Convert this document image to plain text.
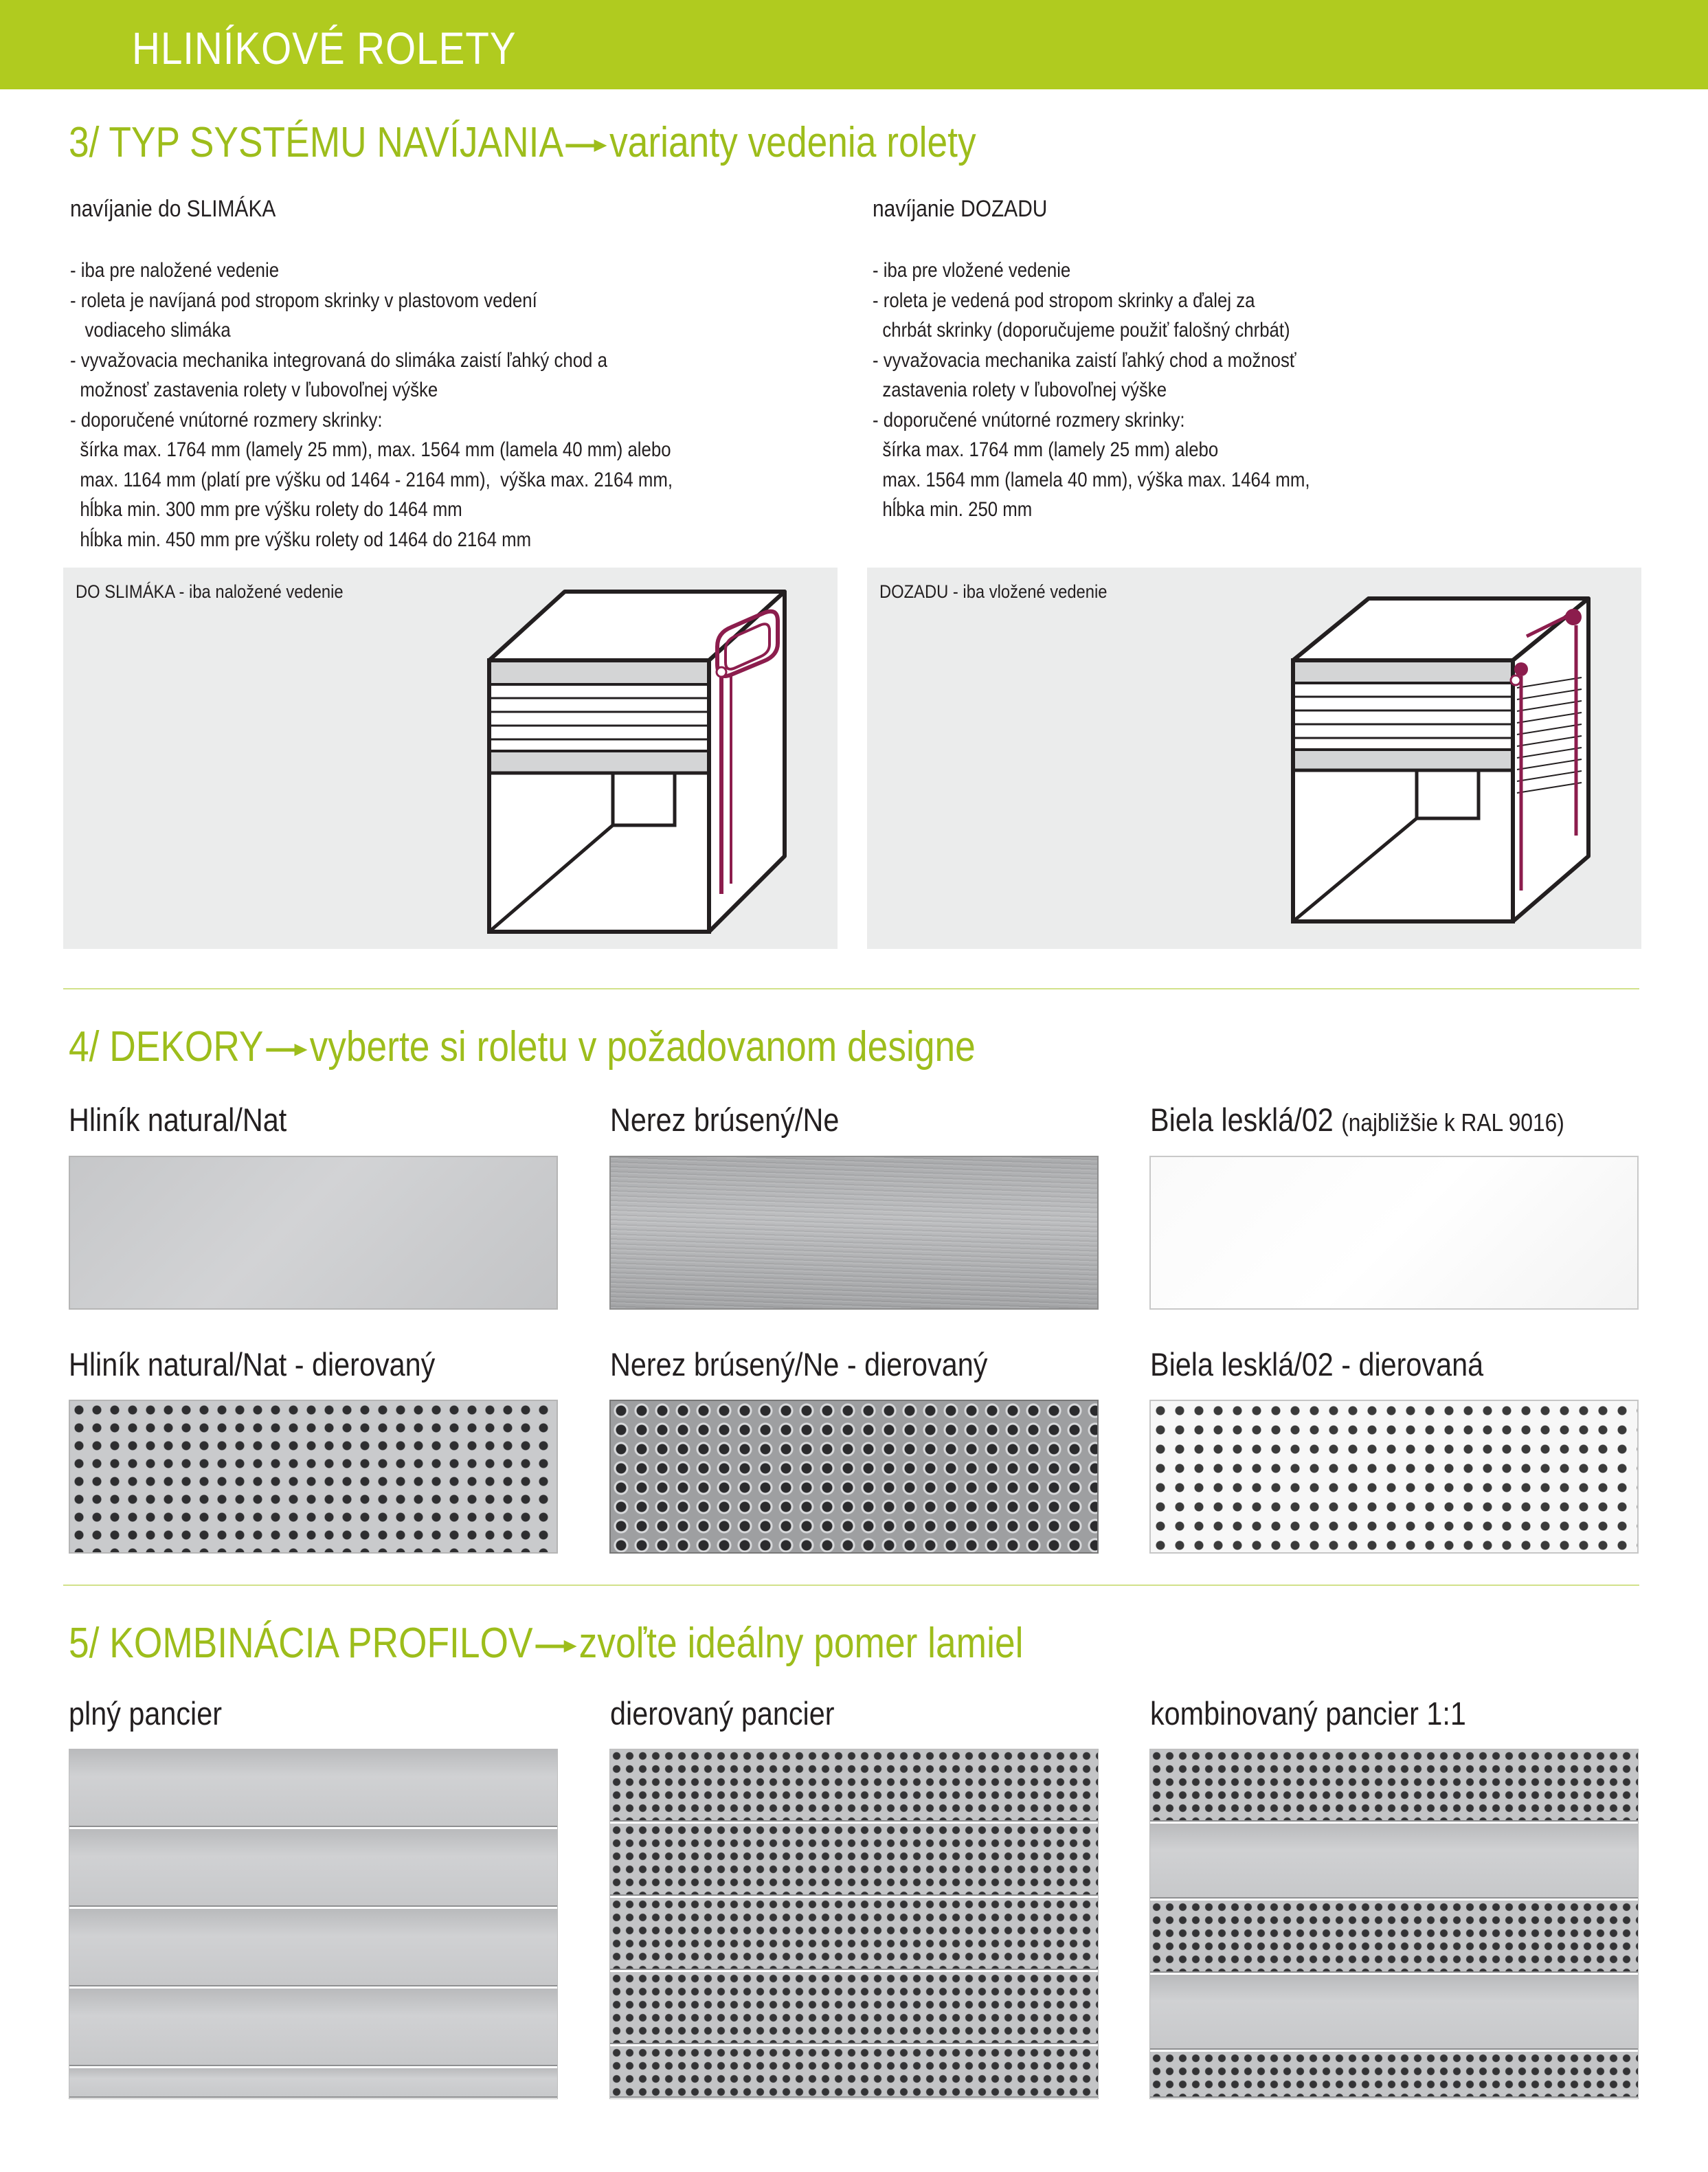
HLINÍKOVÉ ROLETY
3/ TYP SYSTÉMU NAVÍJANIA varianty vedenia rolety
navíjanie do SLIMÁKA
- iba pre naložené vedenie
- roleta je navíjaná pod stropom skrinky v plastovom vedení
vodiaceho slimáka
- vyvažovacia mechanika integrovaná do slimáka zaistí ľahký chod a
možnosť zastavenia rolety v ľubovoľnej výške
- doporučené vnútorné rozmery skrinky:
šírka max. 1764 mm (lamely 25 mm), max. 1564 mm (lamela 40 mm) alebo
max. 1164 mm (platí pre výšku od 1464 - 2164 mm),  výška max. 2164 mm,
hĺbka min. 300 mm pre výšku rolety do 1464 mm
hĺbka min. 450 mm pre výšku rolety od 1464 do 2164 mm
navíjanie DOZADU
- iba pre vložené vedenie
- roleta je vedená pod stropom skrinky a ďalej za
chrbát skrinky (doporučujeme použiť falošný chrbát)
- vyvažovacia mechanika zaistí ľahký chod a možnosť
zastavenia rolety v ľubovoľnej výške
- doporučené vnútorné rozmery skrinky:
šírka max. 1764 mm (lamely 25 mm) alebo
max. 1564 mm (lamela 40 mm), výška max. 1464 mm,
hĺbka min. 250 mm
DO SLIMÁKA - iba naložené vedenie	DOZADU - iba vložené vedenie
4/ DEKORY vyberte si roletu v požadovanom designe
Hliník natural/Nat	Nerez brúsený/Ne	Biela lesklá/02 (najbližšie k RAL 9016)
Hliník natural/Nat - dierovaný	Nerez brúsený/Ne - dierovaný	Biela lesklá/02 - dierovaná
5/ KOMBINÁCIA PROFILOV zvoľte ideálny pomer lamiel
plný pancier	dierovaný pancier	kombinovaný pancier 1:1
